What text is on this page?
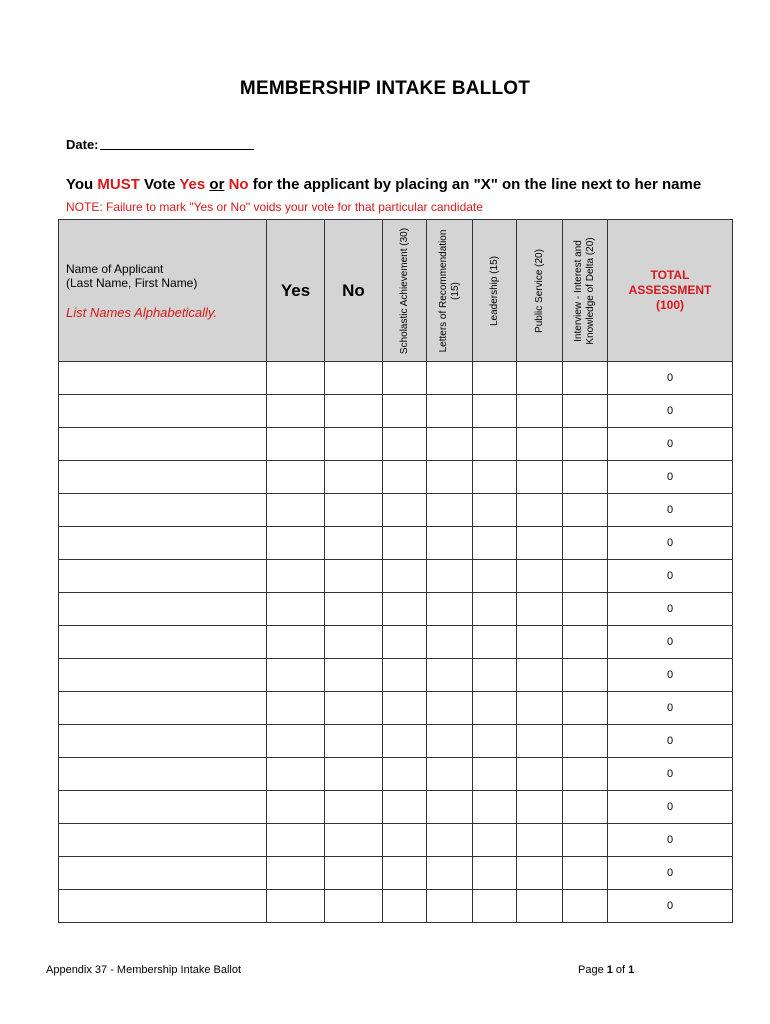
MEMBERSHIP INTAKE BALLOT
Date:
You MUST Vote Yes or No for the applicant by placing an "X" on the line next to her name
NOTE: Failure to mark "Yes or No" voids your vote for that particular candidate
Name of Applicant
(Last Name, First Name)
List Names Alphabetically.	Yes	No	Scholastic Achievement (30)	Letters of Recommendation (15)	Leadership (15)	Public Service (20)	Interview - Interest and Knowledge of Delta (20)	TOTAL
ASSESSMENT
(100)
								0
								0
								0
								0
								0
								0
								0
								0
								0
								0
								0
								0
								0
								0
								0
								0
								0
Appendix 37 - Membership Intake Ballot	Page 1 of 1
